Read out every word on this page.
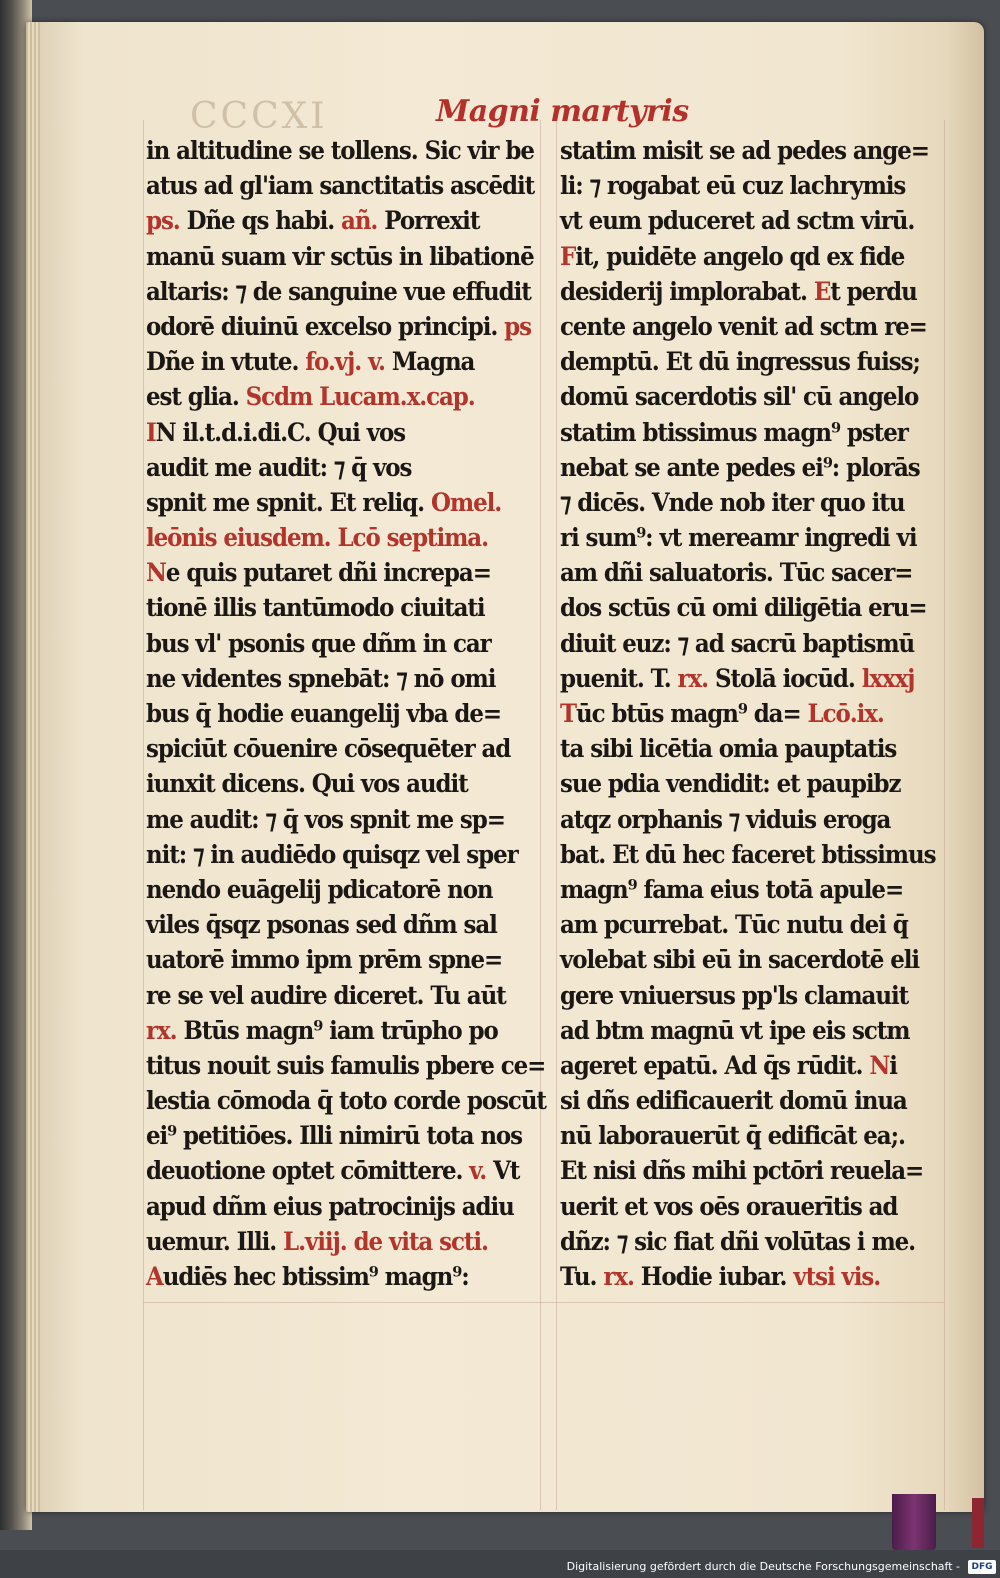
CCCXI	Magni martyris
in altitudine se tollens. Sic vir be
atus ad gl'iam sanctitatis ascēdit
ps. Dñe qs habi. añ. Porrexit
manū suam vir sctūs in libationē
altaris: ⁊ de sanguine vue effudit
odorē diuinū excelso principi. ps
Dñe in vtute. fo.vj. v. Magna
est glia. Scdm Lucam.x.cap.
IN il.t.d.i.di.C. Qui vos
audit me audit: ⁊ q̄ vos
spnit me spnit. Et reliq. Omel.
leōnis eiusdem. Lcō septima.
Ne quis putaret dñi increpa=
tionē illis tantūmodo ciuitati
bus vl' psonis que dñm in car
ne videntes spnebāt: ⁊ nō omi
bus q̄ hodie euangelij vba de=
spiciūt cōuenire cōsequēter ad
iunxit dicens. Qui vos audit
me audit: ⁊ q̄ vos spnit me sp=
nit: ⁊ in audiēdo quisqz vel sper
nendo euāgelij pdicatorē non
viles q̄sqz psonas sed dñm sal
uatorē immo ipm prēm spne=
re se vel audire diceret. Tu aūt
rx. Btūs magn⁹ iam trūpho po
titus nouit suis famulis pbere ce=
lestia cōmoda q̄ toto corde poscūt
ei⁹ petitiōes. Illi nimirū tota nos
deuotione optet cōmittere. v. Vt
apud dñm eius patrocinijs adiu
uemur. Illi. L.viij. de vita scti.
Audiēs hec btissim⁹ magn⁹:
statim misit se ad pedes ange=
li: ⁊ rogabat eū cuz lachrymis
vt eum pduceret ad sctm virū.
Fit, puidēte angelo qd ex fide
desiderij implorabat. Et perdu
cente angelo venit ad sctm re=
demptū. Et dū ingressus fuiss;
domū sacerdotis sil' cū angelo
statim btissimus magn⁹ pster
nebat se ante pedes ei⁹: plorās
⁊ dicēs. Vnde nob iter quo itu
ri sum⁹: vt mereamr ingredi vi
am dñi saluatoris. Tūc sacer=
dos sctūs cū omi diligētia eru=
diuit euz: ⁊ ad sacrū baptismū
puenit. T. rx. Stolā iocūd. lxxxj
Tūc btūs magn⁹ da= Lcō.ix.
ta sibi licētia omia pauptatis
sue pdia vendidit: et paupibz
atqz orphanis ⁊ viduis eroga
bat. Et dū hec faceret btissimus
magn⁹ fama eius totā apule=
am pcurrebat. Tūc nutu dei q̄
volebat sibi eū in sacerdotē eli
gere vniuersus pp'ls clamauit
ad btm magnū vt ipe eis sctm
ageret epatū. Ad q̄s rūdit. Ni
si dñs edificauerit domū inua
nū laborauerūt q̄ edificāt ea;.
Et nisi dñs mihi pctōri reuela=
uerit et vos oēs orauerītis ad
dñz: ⁊ sic fiat dñi volūtas i me.
Tu. rx. Hodie iubar. vtsi vis.
Digitalisierung gefördert durch die Deutsche Forschungsgemeinschaft -	DFG
